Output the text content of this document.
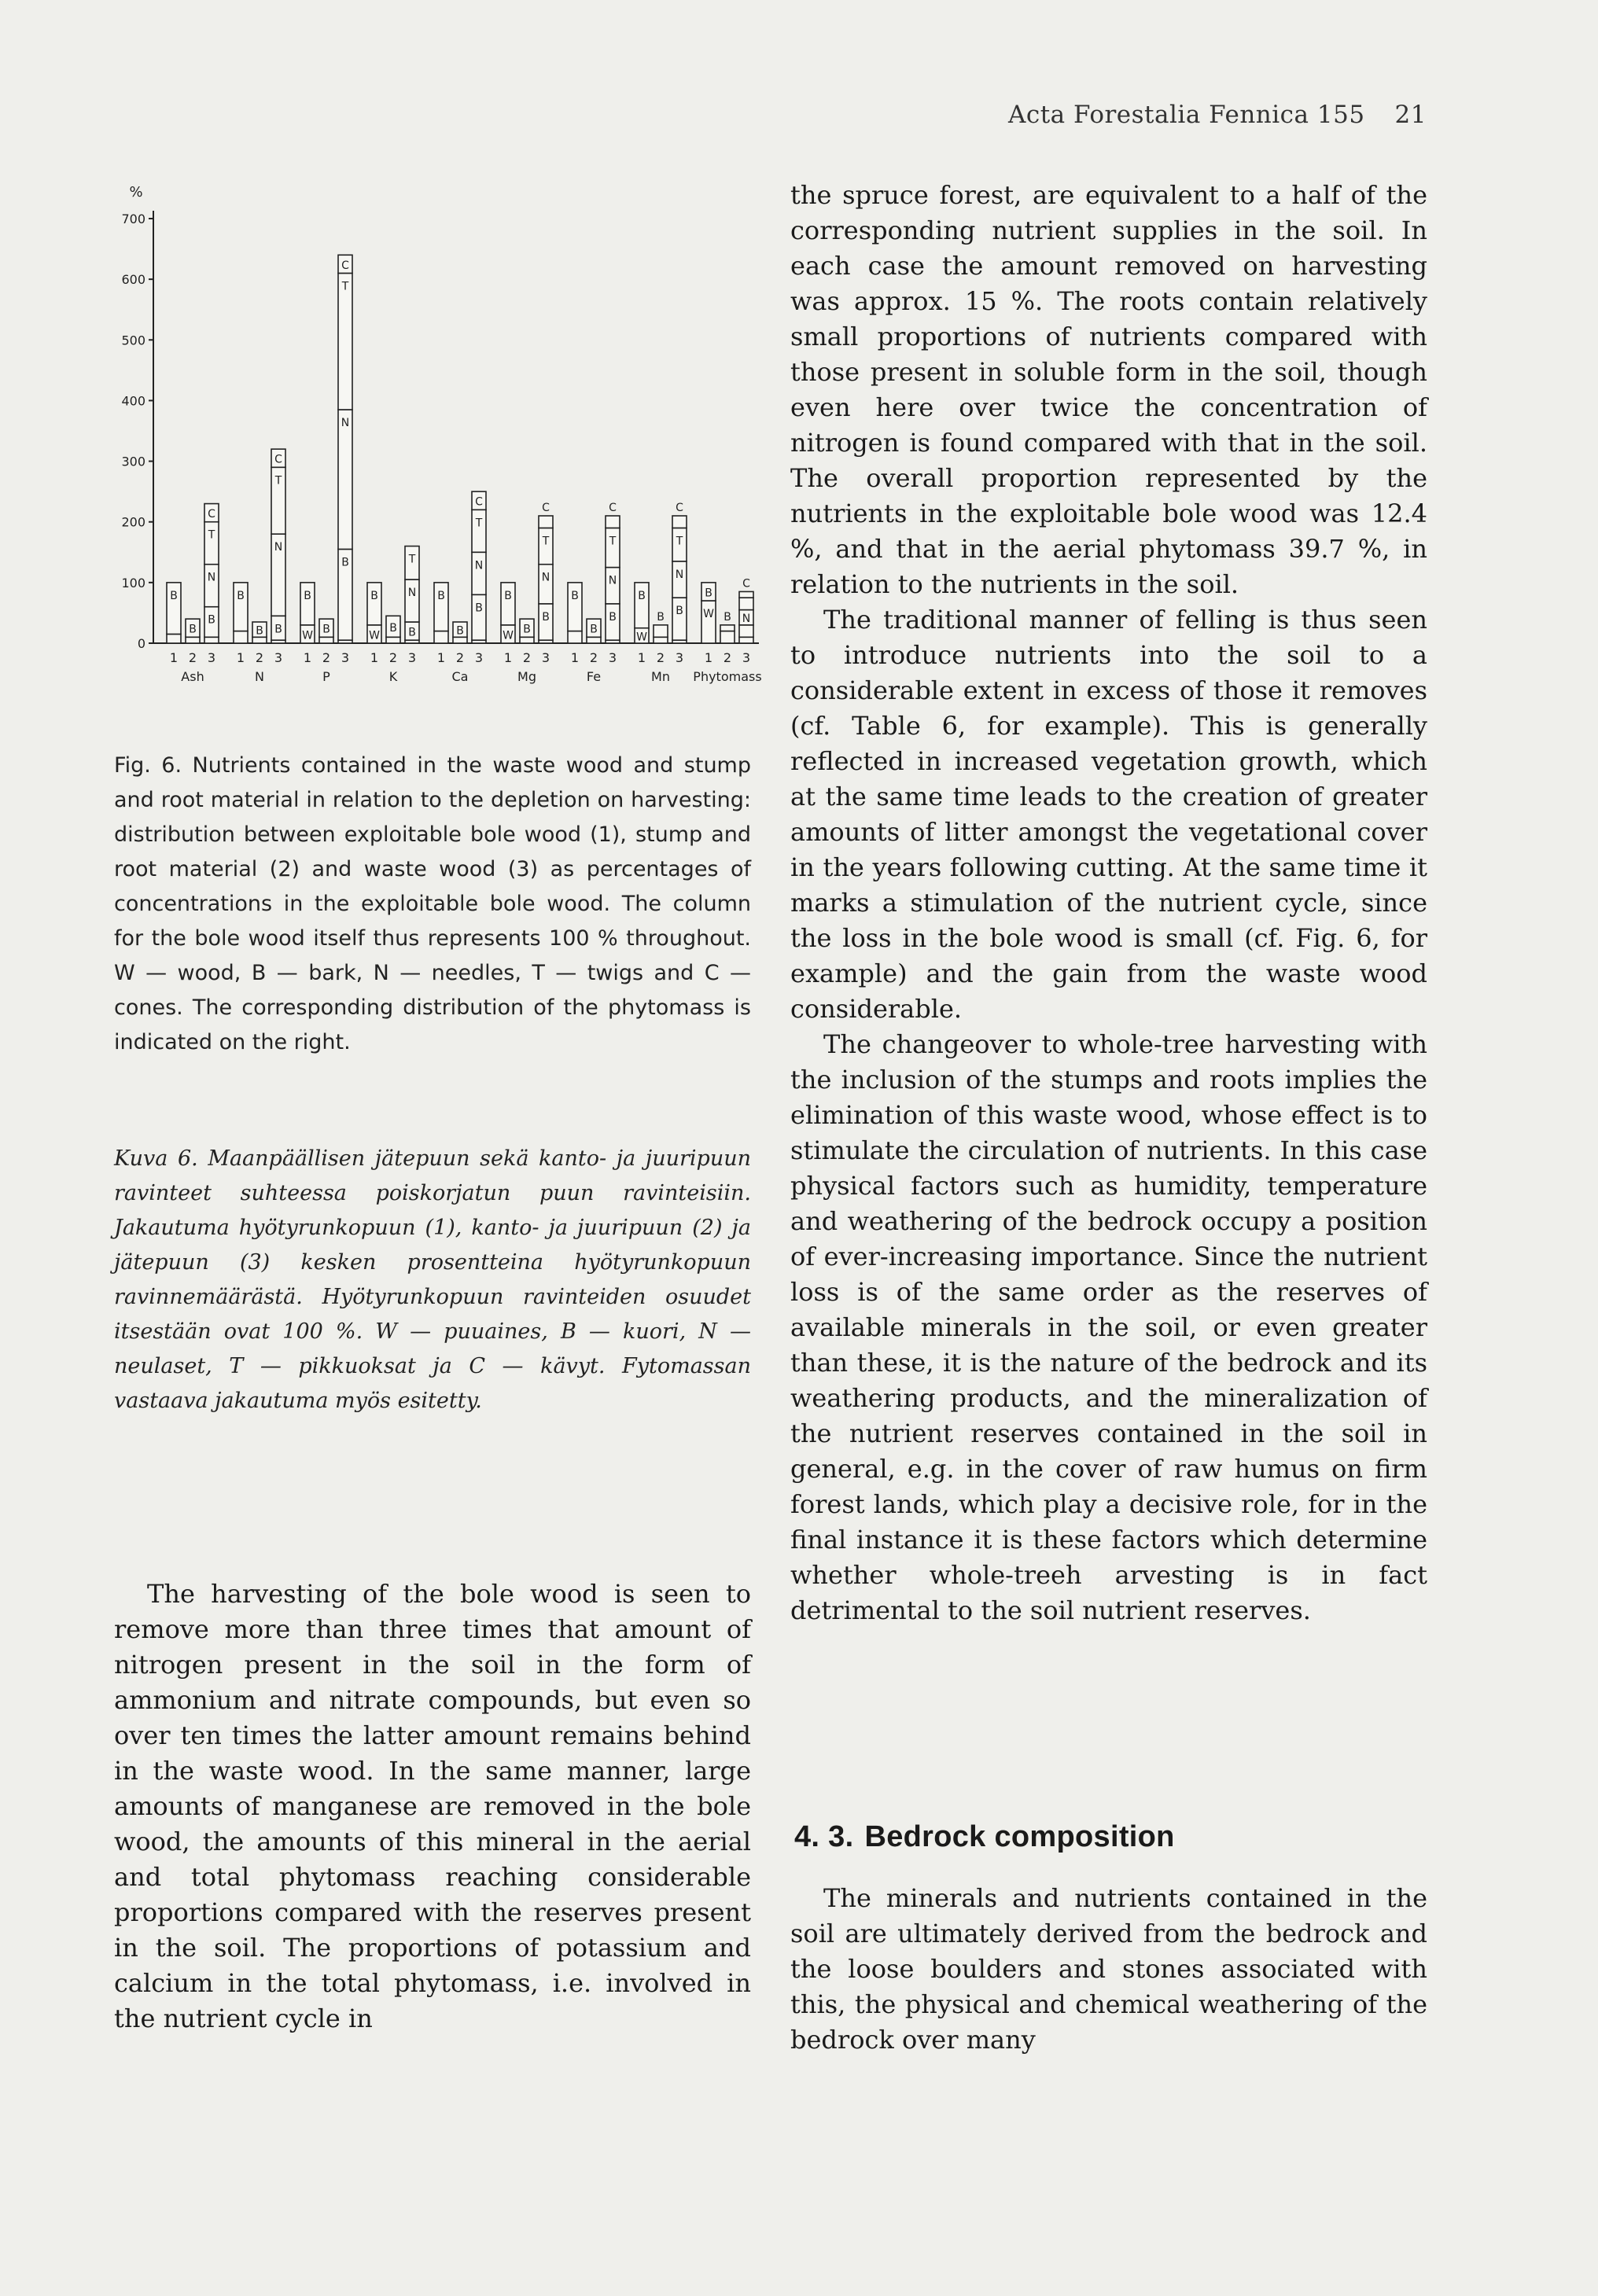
Acta Forestalia Fennica 155 21
%
0
100
200
300
400
500
600
700
B
1
B
2
B
N
T
C
3
Ash
B
1
B
2
B
N
T
C
3
N
W
B
1
B
2
B
N
T
C
3
P
W
B
1
B
2
B
N
T
3
K
B
1
B
2
B
N
T
C
3
Ca
W
B
1
B
2
B
N
T
C
3
Mg
B
1
B
2
B
N
T
C
3
Fe
W
B
1
B
2
B
N
T
C
3
Mn
W
B
1
B
2
N
C
3
Phytomass
Fig. 6. Nutrients contained in the waste wood and stump and root material in relation to the depletion on harvesting: distribution between exploitable bole wood (1), stump and root material (2) and waste wood (3) as percentages of concentrations in the exploitable bole wood. The column for the bole wood itself thus represents 100 % throughout. W — wood, B — bark, N — needles, T — twigs and C — cones. The corresponding distribution of the phytomass is indicated on the right.
Kuva 6. Maanpäällisen jätepuun sekä kanto- ja juuripuun ravinteet suhteessa poiskorjatun puun ravinteisiin. Jakautuma hyötyrunkopuun (1), kanto- ja juuripuun (2) ja jätepuun (3) kesken prosentteina hyötyrunkopuun ravinnemäärästä. Hyötyrunkopuun ravinteiden osuudet itsestään ovat 100 %. W — puuaines, B — kuori, N — neulaset, T — pikkuoksat ja C — kävyt. Fytomassan vastaava jakautuma myös esitetty.

The harvesting of the bole wood is seen to remove more than three times that amount of nitrogen present in the soil in the form of ammonium and nitrate compounds, but even so over ten times the latter amount remains behind in the waste wood. In the same manner, large amounts of manganese are removed in the bole wood, the amounts of this mineral in the aerial and total phytomass reaching considerable proportions compared with the reserves present in the soil. The proportions of potassium and calcium in the total phytomass, i.e. involved in the nutrient cycle in

the spruce forest, are equivalent to a half of the corresponding nutrient supplies in the soil. In each case the amount removed on harvesting was approx. 15 %. The roots contain relatively small proportions of nutrients compared with those present in soluble form in the soil, though even here over twice the concentration of nitrogen is found compared with that in the soil. The overall proportion represented by the nutrients in the exploitable bole wood was 12.4 %, and that in the aerial phytomass 39.7 %, in relation to the nutrients in the soil.

The traditional manner of felling is thus seen to introduce nutrients into the soil to a considerable extent in excess of those it removes (cf. Table 6, for example). This is generally reflected in increased vegetation growth, which at the same time leads to the creation of greater amounts of litter amongst the vegetational cover in the years following cutting. At the same time it marks a stimulation of the nutrient cycle, since the loss in the bole wood is small (cf. Fig. 6, for example) and the gain from the waste wood considerable.

The changeover to whole-tree harvesting with the inclusion of the stumps and roots implies the elimination of this waste wood, whose effect is to stimulate the circulation of nutrients. In this case physical factors such as humidity, temperature and weathering of the bedrock occupy a position of ever-increasing importance. Since the nutrient loss is of the same order as the reserves of available minerals in the soil, or even greater than these, it is the nature of the bedrock and its weathering products, and the mineralization of the nutrient reserves contained in the soil in general, e.g. in the cover of raw humus on firm forest lands, which play a decisive role, for in the final instance it is these factors which determine whether whole-treeh arvesting is in fact detrimental to the soil nutrient reserves.

4. 3. Bedrock composition

The minerals and nutrients contained in the soil are ultimately derived from the bedrock and the loose boulders and stones associated with this, the physical and chemical weathering of the bedrock over many
